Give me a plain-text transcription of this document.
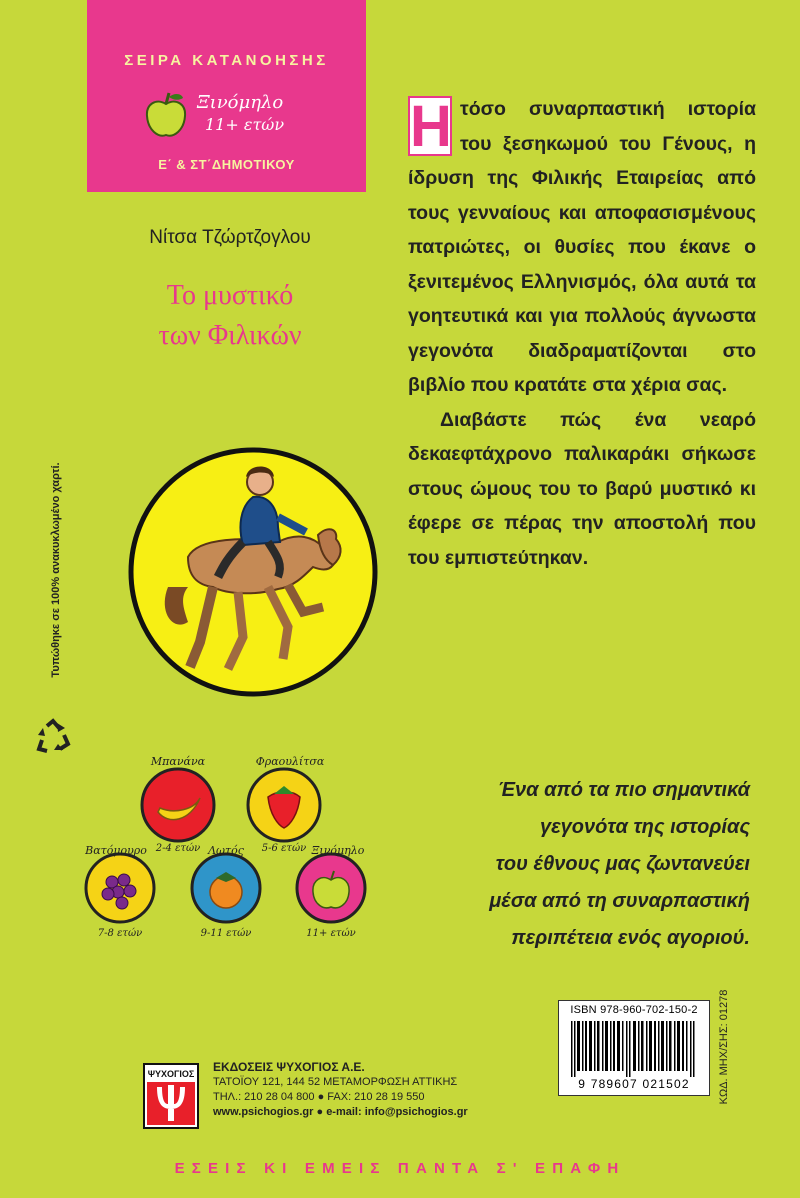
ΣΕΙΡΑ ΚΑΤΑΝΟΗΣΗΣ
Ε΄ & ΣΤ΄ΔΗΜΟΤΙΚΟΥ
Ξινόμηλο
11+ ετών
Νίτσα Τζώρτζογλου
Το μυστικό
των Φιλικών
Τυπώθηκε σε 100% ανακυκλωμένο χαρτί.
Μπανάνα
2-4 ετών
Φραουλίτσα
5-6 ετών
Βατόμουρο
7-8 ετών
Λωτός
9-11 ετών
Ξινόμηλο
11+ ετών
Η τόσο συναρπαστική ιστορία του ξεσηκωμού του Γένους, η ίδρυση της Φιλικής Εταιρείας από τους γενναίους και αποφασισμένους πατριώτες, οι θυσίες που έκανε ο ξενιτεμένος Ελληνισμός, όλα αυτά τα γοητευτικά και για πολλούς άγνωστα γεγονότα διαδραματίζονται στο βιβλίο που κρατάτε στα χέρια σας.

Διαβάστε πώς ένα νεαρό δεκαεφτάχρονο παλικαράκι σήκωσε στους ώμους του το βαρύ μυστικό κι έφερε σε πέρας την αποστολή που του εμπιστεύτηκαν.

Ένα από τα πιο σημαντικά
γεγονότα της ιστορίας
του έθνους μας ζωντανεύει
μέσα από τη συναρπαστική
περιπέτεια ενός αγοριού.
ISBN 978-960-702-150-2
9 789607 021502	ΚΩΔ. ΜΗΧ/ΣΗΣ: 01278
ΨΥΧΟΓΙΟΣ ΕΚΔΟΣΕΙΣ ΨΥΧΟΓΙΟΣ Α.Ε.
ΤΑΤΟΪΟΥ 121, 144 52 ΜΕΤΑΜΟΡΦΩΣΗ ΑΤΤΙΚΗΣ
ΤΗΛ.: 210 28 04 800 ● FAX: 210 28 19 550
www.psichogios.gr ● e-mail: info@psichogios.gr
ΕΣΕΙΣ ΚΙ ΕΜΕΙΣ ΠΑΝΤΑ Σ' ΕΠΑΦΗ
